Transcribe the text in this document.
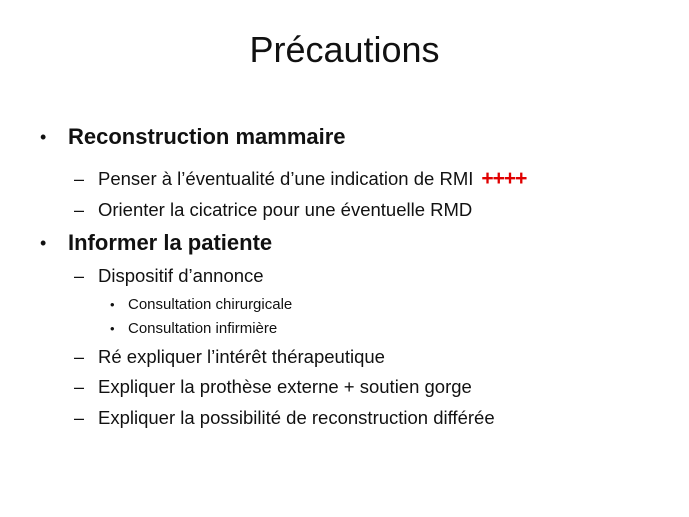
Précautions
• Reconstruction mammaire
– Penser à l’éventualité d’une indication de RMI ++++
– Orienter la cicatrice pour une éventuelle RMD
• Informer la patiente
– Dispositif d’annonce
• Consultation chirurgicale
• Consultation infirmière
– Ré expliquer l’intérêt thérapeutique
– Expliquer la prothèse externe + soutien gorge
– Expliquer la possibilité de reconstruction différée
